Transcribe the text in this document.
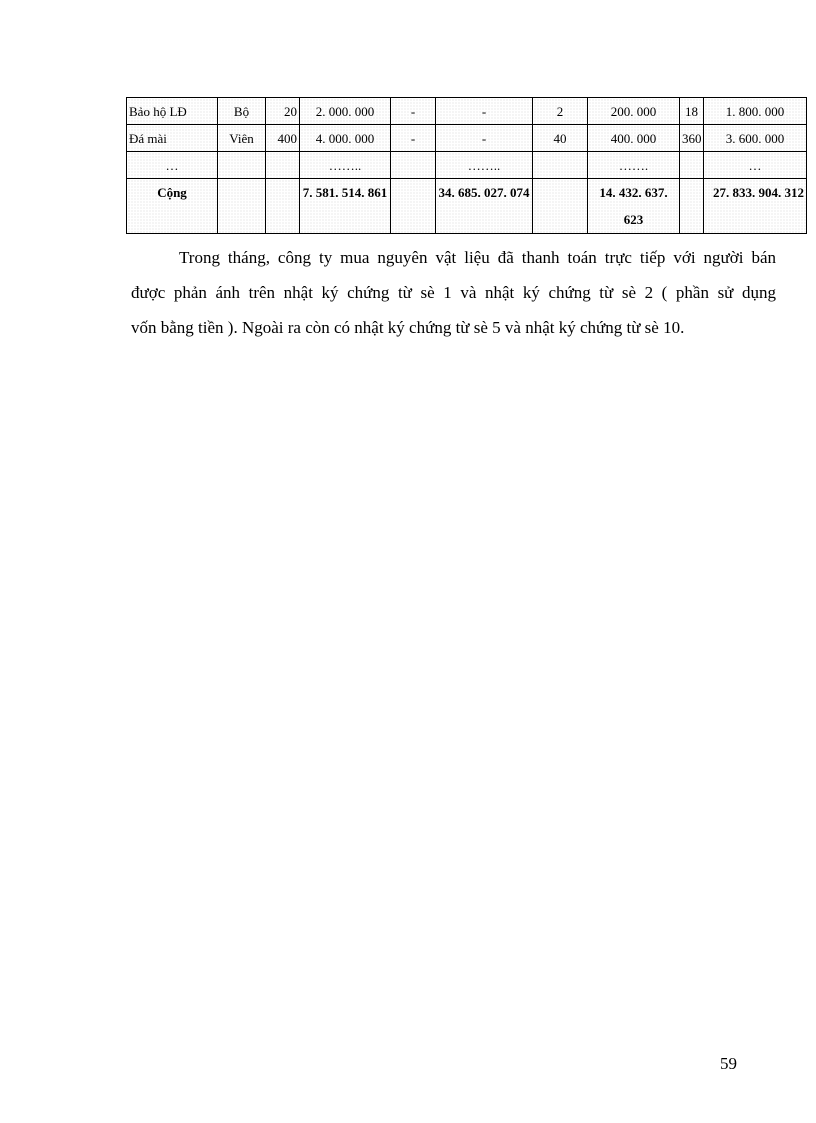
Bảo hộ LĐ	Bộ	20	2. 000. 000	-	-	2	200. 000	18	1. 800. 000
Đá mài	Viên	400	4. 000. 000	-	-	40	400. 000	360	3. 600. 000
…			……..		……..		…….		…
Cộng			7. 581. 514. 861		34. 685. 027. 074		14. 432. 637. 623		27. 833. 904. 312
Trong tháng, công ty mua nguyên vật liệu đã thanh toán trực tiếp với người bán
được phản ánh trên nhật ký chứng từ sè 1 và nhật ký chứng từ sè 2 ( phần sử dụng
vốn bằng tiền ). Ngoài ra còn có nhật ký chứng từ sè 5 và nhật ký chứng từ sè 10.
59
